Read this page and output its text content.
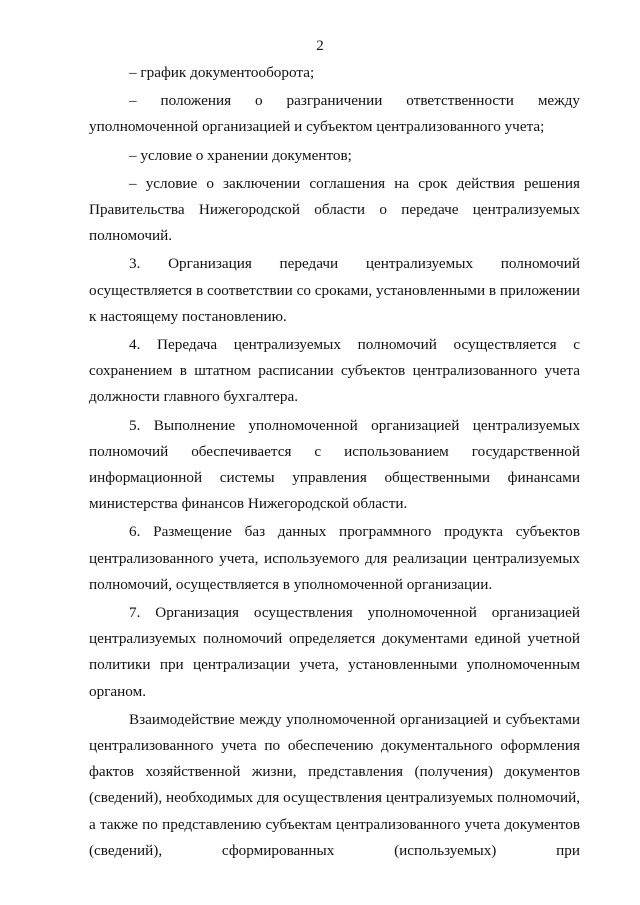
2

– график документооборота;

– положения о разграничении ответственности между уполномоченной организацией и субъектом централизованного учета;

– условие о хранении документов;

– условие о заключении соглашения на срок действия решения Правительства Нижегородской области о передаче централизуемых полномочий.

3. Организация передачи централизуемых полномочий осуществляется в соответствии со сроками, установленными в приложении к настоящему постановлению.

4. Передача централизуемых полномочий осуществляется с сохранением в штатном расписании субъектов централизованного учета должности главного бухгалтера.

5. Выполнение уполномоченной организацией централизуемых полномочий обеспечивается с использованием государственной информационной системы управления общественными финансами министерства финансов Нижегородской области.

6. Размещение баз данных программного продукта субъектов централизованного учета, используемого для реализации централизуемых полномочий, осуществляется в уполномоченной организации.

7. Организация осуществления уполномоченной организацией централизуемых полномочий определяется документами единой учетной политики при централизации учета, установленными уполномоченным органом.

Взаимодействие между уполномоченной организацией и субъектами централизованного учета по обеспечению документального оформления фактов хозяйственной жизни, представления (получения) документов (сведений), необходимых для осуществления централизуемых полномочий, а также по представлению субъектам централизованного учета документов (сведений), сформированных (используемых) при
